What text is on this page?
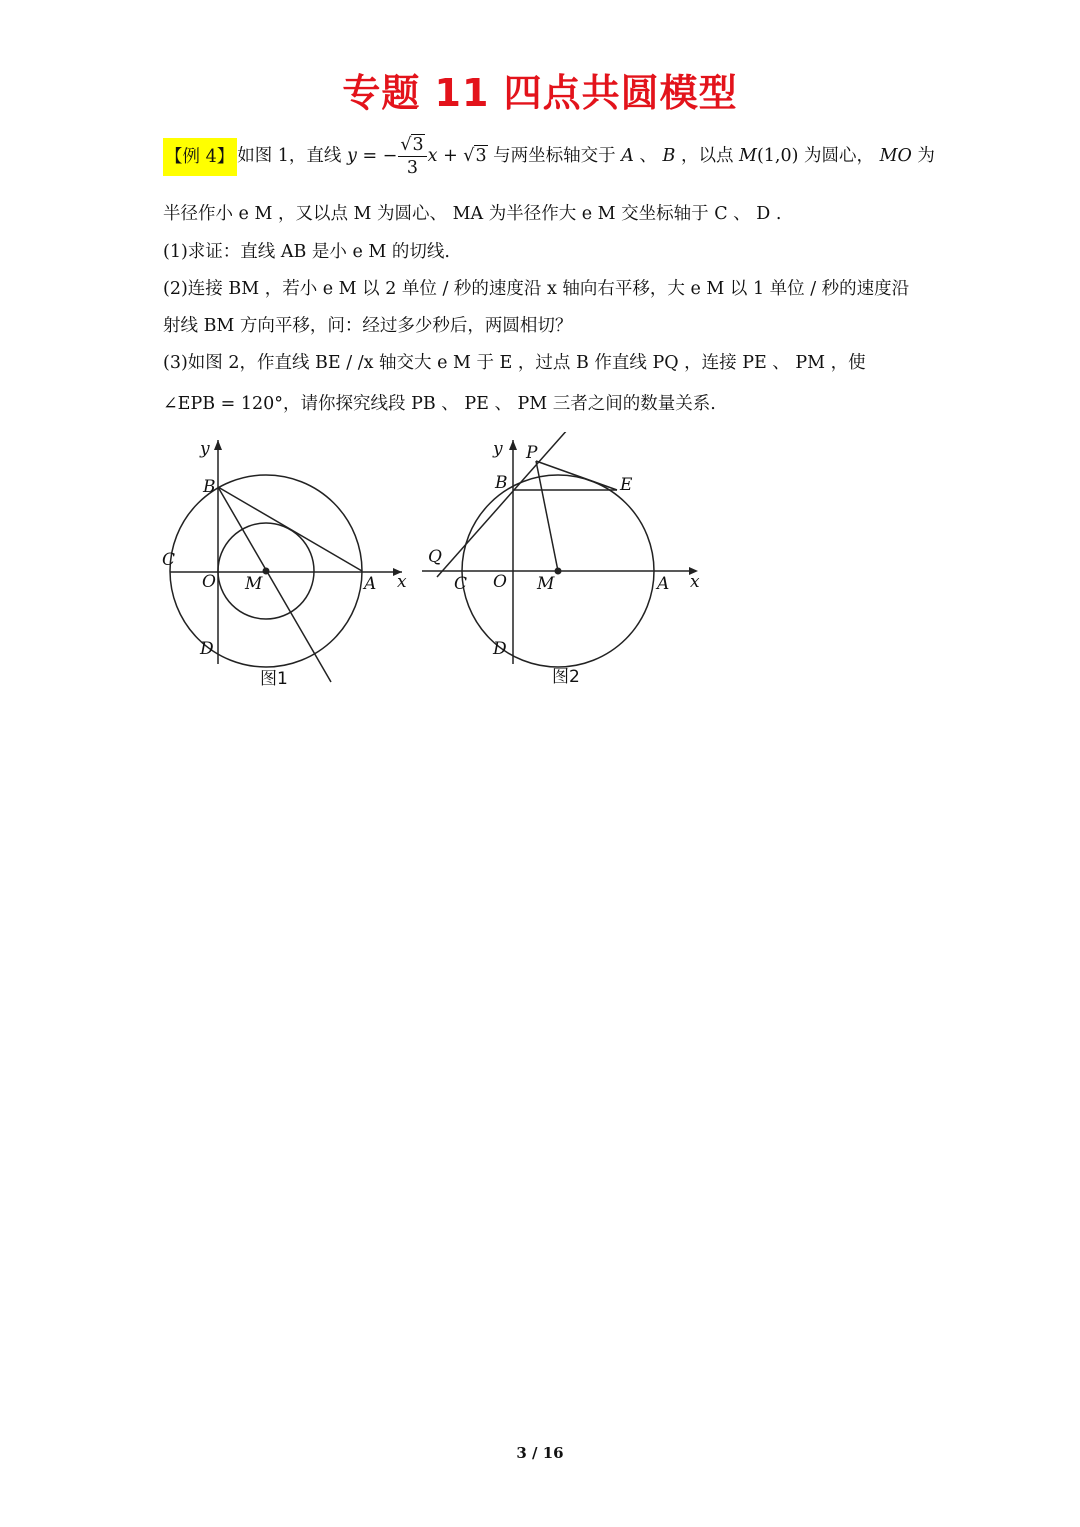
专题 11 四点共圆模型
【例 4】 如图 1，直线 y = − $\frac{√3}{3}$ x + √3 与两坐标轴交于 A 、 B ，以点 M(1,0) 为圆心， MO 为
半径作小 e M ，又以点 M 为圆心、 MA 为半径作大 e M 交坐标轴于 C 、 D .
(1)求证：直线 AB 是小 e M 的切线.
(2)连接 BM ，若小 e M 以 2 单位 / 秒的速度沿 x 轴向右平移，大 e M 以 1 单位 / 秒的速度沿
射线 BM 方向平移，问：经过多少秒后，两圆相切？
(3)如图 2，作直线 BE / /x 轴交大 e M 于 E ，过点 B 作直线 PQ ，连接 PE 、 PM ，使
∠EPB = 120°，请你探究线段 PB 、 PE 、 PM 三者之间的数量关系.
y
B
C
O M	A x
D
图1
y P
B	E
Q
C O M	A x
D
图2
3 / 16
